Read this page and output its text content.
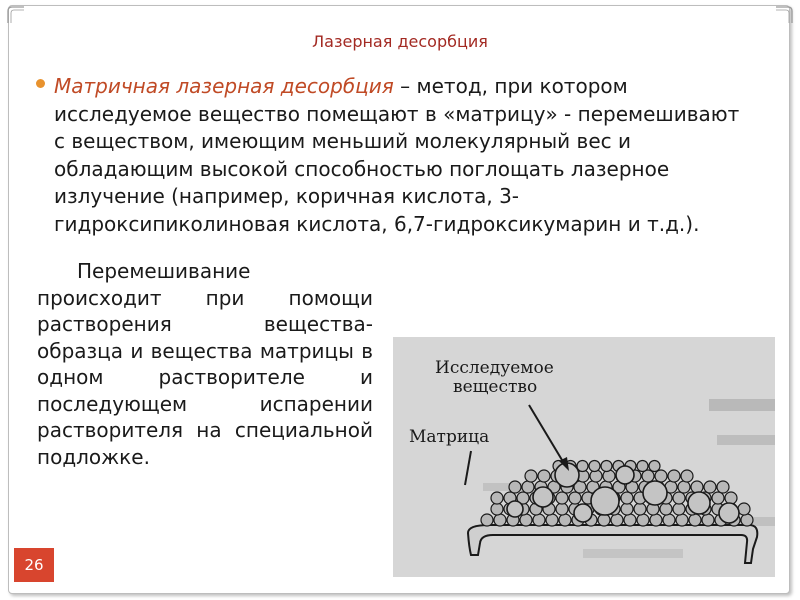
Лазерная десорбция
Матричная лазерная десорбция – метод, при котором исследуемое вещество помещают в «матрицу» - перемешивают с веществом, имеющим меньший молекулярный вес и обладающим высокой способностью поглощать лазерное излучение (например, коричная кислота, 3-гидроксипиколиновая кислота, 6,7-гидроксикумарин и т.д.).
Перемешивание происходит при помощи растворения вещества-образца и вещества матрицы в одном растворителе и последующем испарении растворителя на специальной подложке.
Исследуемое
вещество
Матрица
26
